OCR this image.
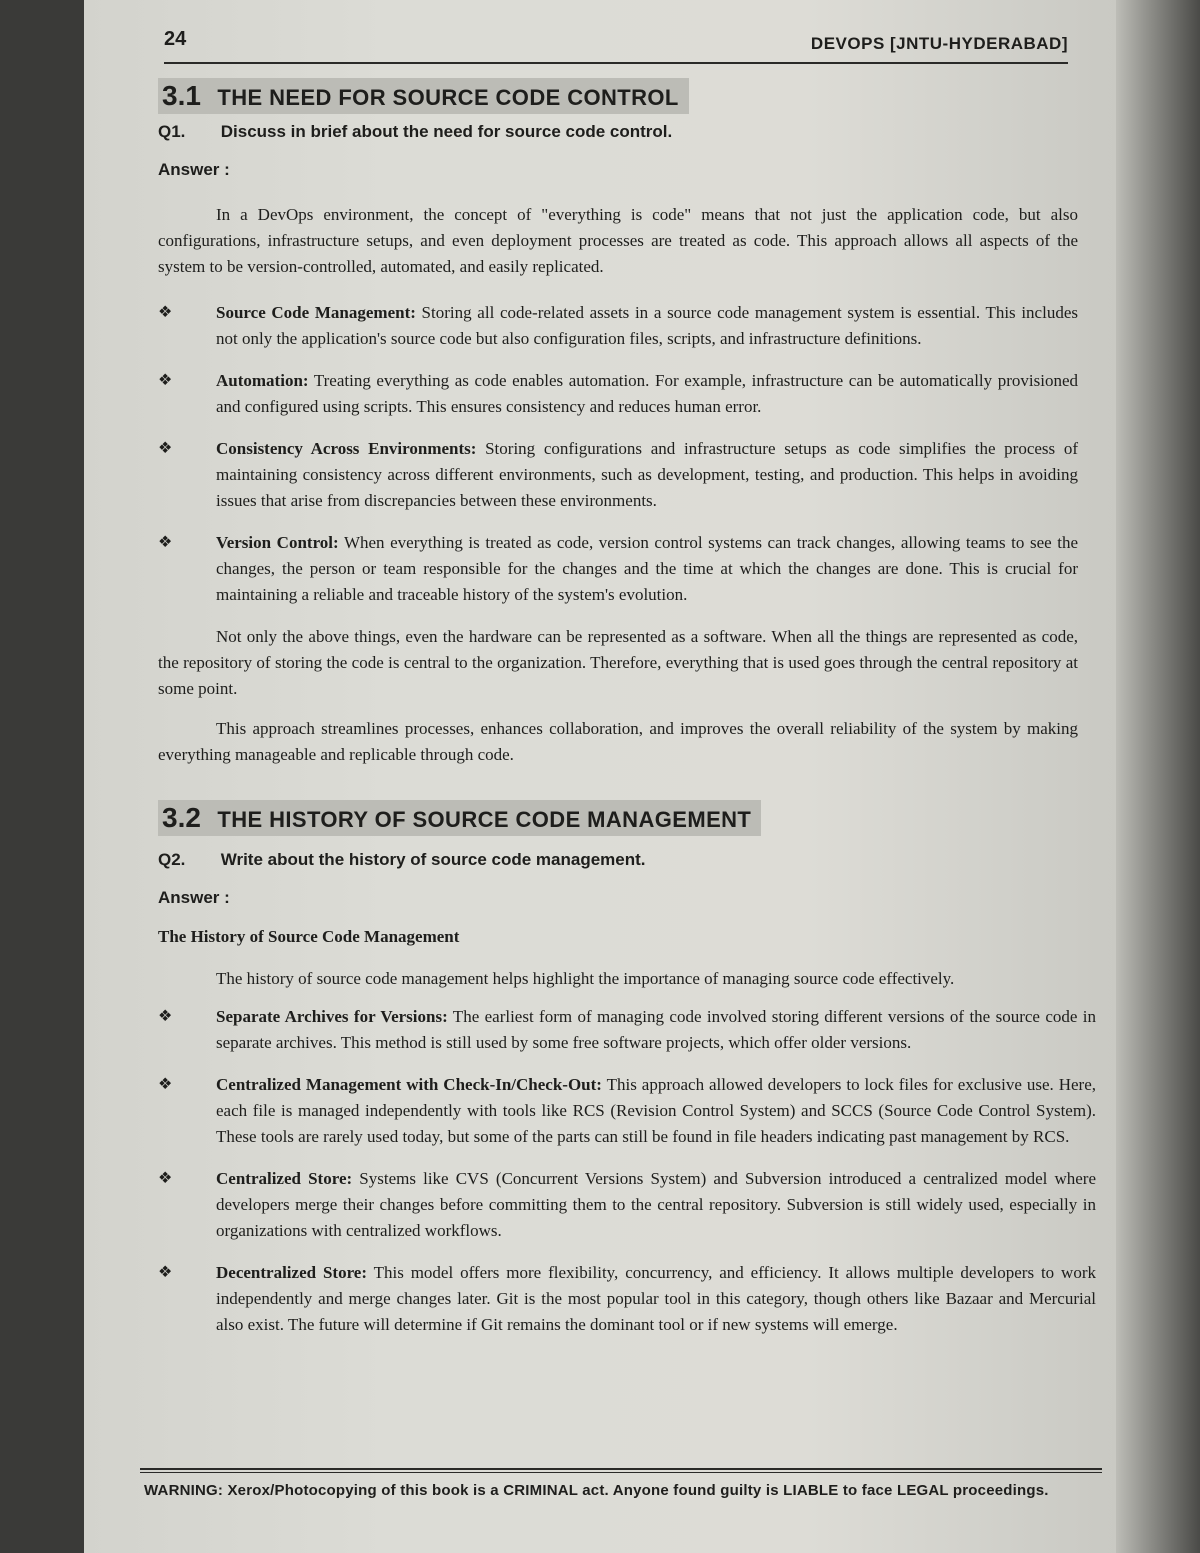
24	DEVOPS [JNTU-HYDERABAD]
3.1 THE NEED FOR SOURCE CODE CONTROL
Q1. Discuss in brief about the need for source code control.
Answer :

In a DevOps environment, the concept of "everything is code" means that not just the application code, but also configurations, infrastructure setups, and even deployment processes are treated as code. This approach allows all aspects of the system to be version-controlled, automated, and easily replicated.

❖	Source Code Management: Storing all code-related assets in a source code management system is essential. This includes not only the application's source code but also configuration files, scripts, and infrastructure definitions.
❖	Automation: Treating everything as code enables automation. For example, infrastructure can be automatically provisioned and configured using scripts. This ensures consistency and reduces human error.
❖	Consistency Across Environments: Storing configurations and infrastructure setups as code simplifies the process of maintaining consistency across different environments, such as development, testing, and production. This helps in avoiding issues that arise from discrepancies between these environments.
❖	Version Control: When everything is treated as code, version control systems can track changes, allowing teams to see the changes, the person or team responsible for the changes and the time at which the changes are done. This is crucial for maintaining a reliable and traceable history of the system's evolution.

Not only the above things, even the hardware can be represented as a software. When all the things are represented as code, the repository of storing the code is central to the organization. Therefore, everything that is used goes through the central repository at some point.

This approach streamlines processes, enhances collaboration, and improves the overall reliability of the system by making everything manageable and replicable through code.

3.2 THE HISTORY OF SOURCE CODE MANAGEMENT
Q2. Write about the history of source code management.
Answer :
The History of Source Code Management

The history of source code management helps highlight the importance of managing source code effectively.

❖	Separate Archives for Versions: The earliest form of managing code involved storing different versions of the source code in separate archives. This method is still used by some free software projects, which offer older versions.
❖	Centralized Management with Check-In/Check-Out: This approach allowed developers to lock files for exclusive use. Here, each file is managed independently with tools like RCS (Revision Control System) and SCCS (Source Code Control System). These tools are rarely used today, but some of the parts can still be found in file headers indicating past management by RCS.
❖	Centralized Store: Systems like CVS (Concurrent Versions System) and Subversion introduced a centralized model where developers merge their changes before committing them to the central repository. Subversion is still widely used, especially in organizations with centralized workflows.
❖	Decentralized Store: This model offers more flexibility, concurrency, and efficiency. It allows multiple developers to work independently and merge changes later. Git is the most popular tool in this category, though others like Bazaar and Mercurial also exist. The future will determine if Git remains the dominant tool or if new systems will emerge.
WARNING: Xerox/Photocopying of this book is a CRIMINAL act. Anyone found guilty is LIABLE to face LEGAL proceedings.
